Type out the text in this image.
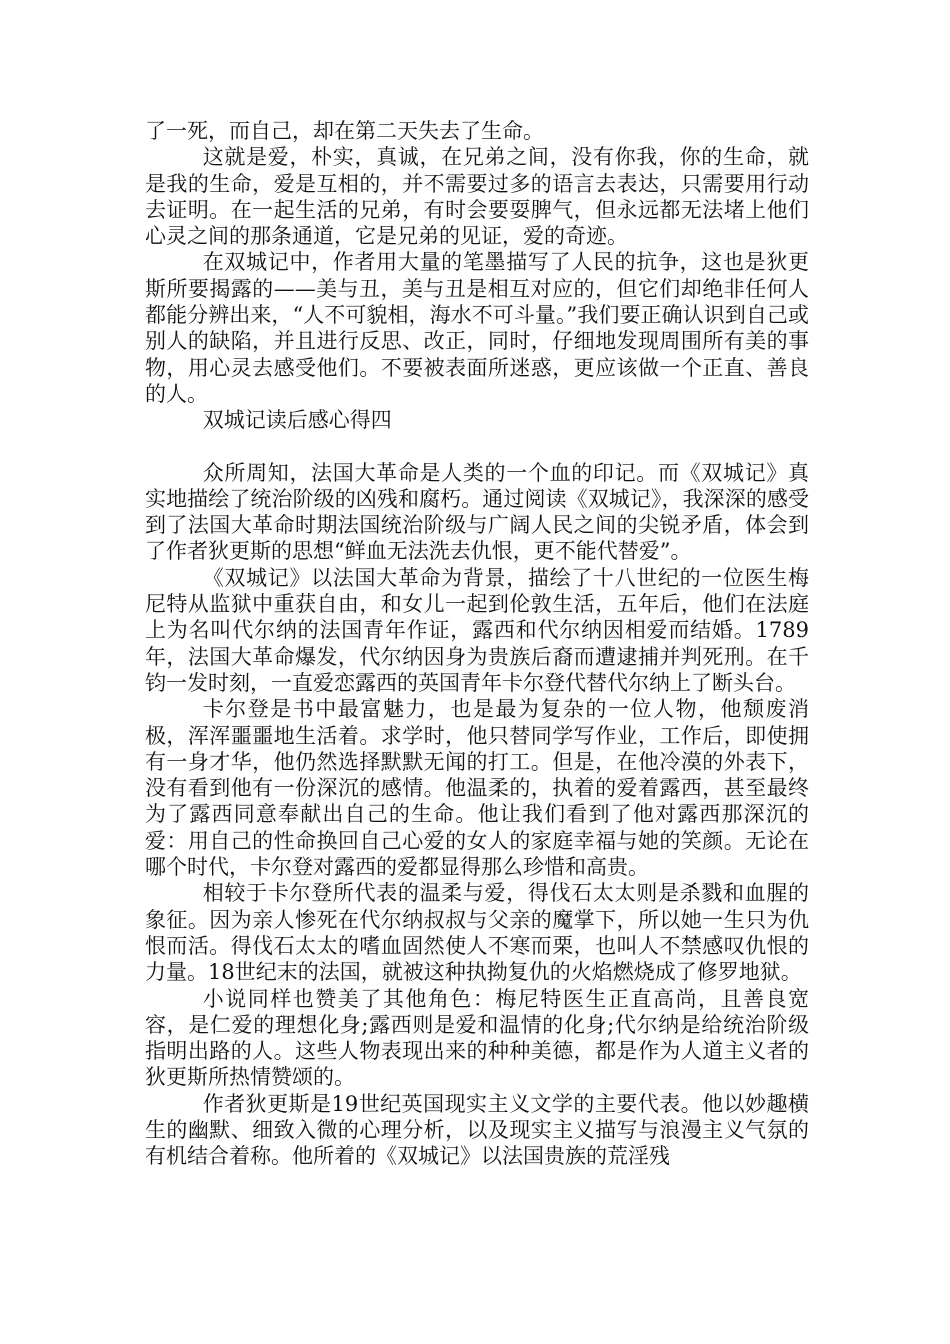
了一死，而自己，却在第二天失去了生命。

这就是爱，朴实，真诚，在兄弟之间，没有你我，你的生命，就是我的生命，爱是互相的，并不需要过多的语言去表达，只需要用行动去证明。在一起生活的兄弟，有时会要耍脾气，但永远都无法堵上他们心灵之间的那条通道，它是兄弟的见证，爱的奇迹。

在双城记中，作者用大量的笔墨描写了人民的抗争，这也是狄更斯所要揭露的——美与丑，美与丑是相互对应的，但它们却绝非任何人都能分辨出来，“人不可貌相，海水不可斗量。”我们要正确认识到自己或别人的缺陷，并且进行反思、改正，同时，仔细地发现周围所有美的事物，用心灵去感受他们。不要被表面所迷惑，更应该做一个正直、善良的人。

双城记读后感心得四

众所周知，法国大革命是人类的一个血的印记。而《双城记》真实地描绘了统治阶级的凶残和腐朽。通过阅读《双城记》，我深深的感受到了法国大革命时期法国统治阶级与广阔人民之间的尖锐矛盾，体会到了作者狄更斯的思想“鲜血无法洗去仇恨，更不能代替爱”。

《双城记》以法国大革命为背景，描绘了十八世纪的一位医生梅尼特从监狱中重获自由，和女儿一起到伦敦生活，五年后，他们在法庭上为名叫代尔纳的法国青年作证，露西和代尔纳因相爱而结婚。1789年，法国大革命爆发，代尔纳因身为贵族后裔而遭逮捕并判死刑。在千钧一发时刻，一直爱恋露西的英国青年卡尔登代替代尔纳上了断头台。

卡尔登是书中最富魅力，也是最为复杂的一位人物，他颓废消极，浑浑噩噩地生活着。求学时，他只替同学写作业，工作后，即使拥有一身才华，他仍然选择默默无闻的打工。但是，在他冷漠的外表下，没有看到他有一份深沉的感情。他温柔的，执着的爱着露西，甚至最终为了露西同意奉献出自己的生命。他让我们看到了他对露西那深沉的爱：用自己的性命换回自己心爱的女人的家庭幸福与她的笑颜。无论在哪个时代，卡尔登对露西的爱都显得那么珍惜和高贵。

相较于卡尔登所代表的温柔与爱，得伐石太太则是杀戮和血腥的象征。因为亲人惨死在代尔纳叔叔与父亲的魔掌下，所以她一生只为仇恨而活。得伐石太太的嗜血固然使人不寒而栗，也叫人不禁感叹仇恨的力量。18世纪末的法国，就被这种执拗复仇的火焰燃烧成了修罗地狱。

小说同样也赞美了其他角色：梅尼特医生正直高尚，且善良宽容，是仁爱的理想化身;露西则是爱和温情的化身;代尔纳是给统治阶级指明出路的人。这些人物表现出来的种种美德，都是作为人道主义者的狄更斯所热情赞颂的。

作者狄更斯是19世纪英国现实主义文学的主要代表。他以妙趣横生的幽默、细致入微的心理分析，以及现实主义描写与浪漫主义气氛的有机结合着称。他所着的《双城记》以法国贵族的荒淫残
